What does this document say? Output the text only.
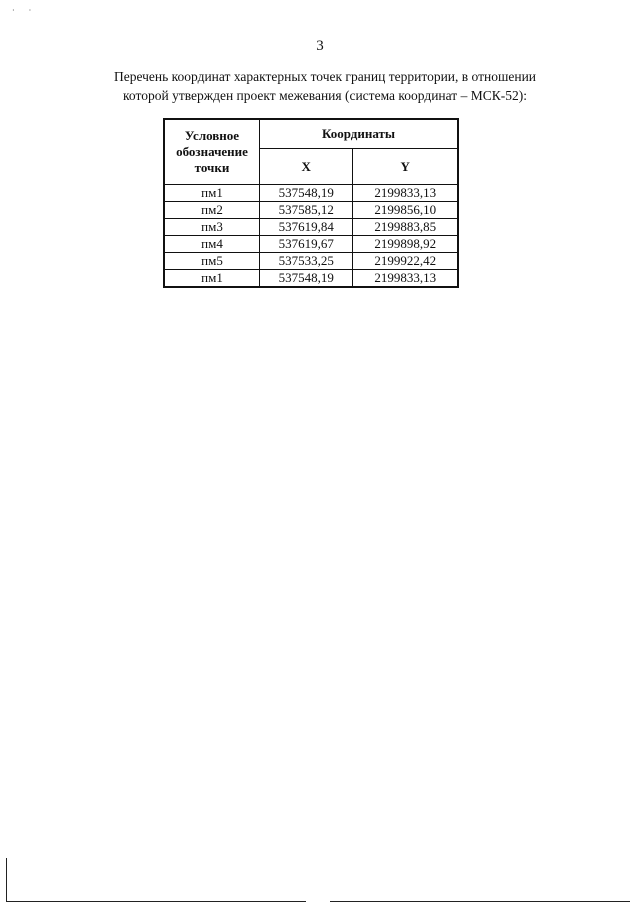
·       ·
3
Перечень координат характерных точек границ территории, в отношении
которой утвержден проект межевания (система координат – МСК-52):
Условное обозначение точки	Координаты	
	X	Y
пм1	537548,19	2199833,13
пм2	537585,12	2199856,10
пм3	537619,84	2199883,85
пм4	537619,67	2199898,92
пм5	537533,25	2199922,42
пм1	537548,19	2199833,13
